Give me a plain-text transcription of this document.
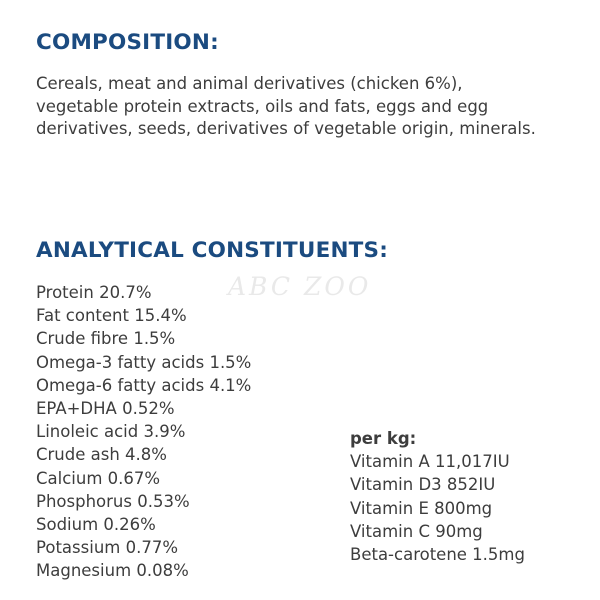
ABC ZOO
COMPOSITION:

Cereals, meat and animal derivatives (chicken 6%), vegetable protein extracts, oils and fats, eggs and egg derivatives, seeds, derivatives of vegetable origin, minerals.

ANALYTICAL CONSTITUENTS:
Protein 20.7%
Fat content 15.4%
Crude fibre 1.5%
Omega-3 fatty acids 1.5%
Omega-6 fatty acids 4.1%
EPA+DHA 0.52%
Linoleic acid 3.9%
Crude ash 4.8%
Calcium 0.67%
Phosphorus 0.53%
Sodium 0.26%
Potassium 0.77%
Magnesium 0.08%
per kg:
Vitamin A 11,017IU
Vitamin D3 852IU
Vitamin E 800mg
Vitamin C 90mg
Beta-carotene 1.5mg
